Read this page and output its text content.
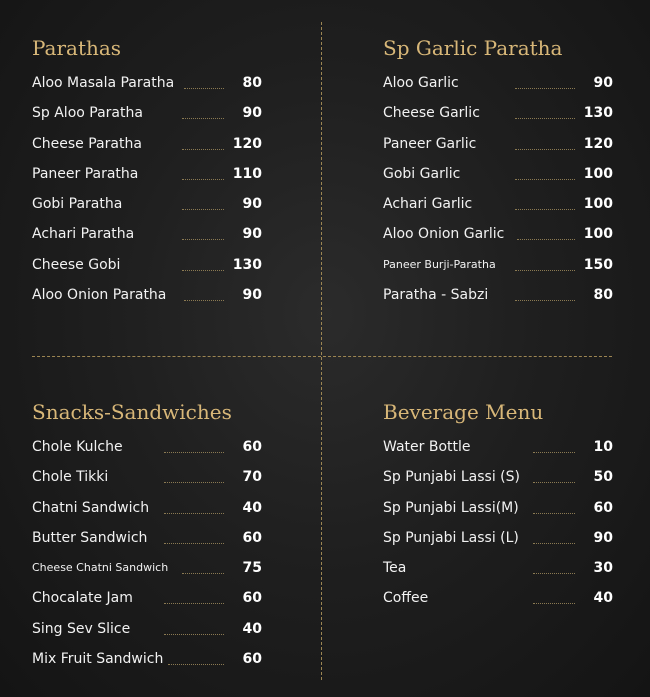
Parathas
Aloo Masala Paratha	80
Sp Aloo Paratha	90
Cheese Paratha	120
Paneer Paratha	110
Gobi Paratha	90
Achari Paratha	90
Cheese Gobi	130
Aloo Onion Paratha	90
Sp Garlic Paratha
Aloo Garlic	90
Cheese Garlic	130
Paneer Garlic	120
Gobi Garlic	100
Achari Garlic	100
Aloo Onion Garlic	100
Paneer Burji-Paratha	150
Paratha - Sabzi	80
Snacks-Sandwiches
Chole Kulche	60
Chole Tikki	70
Chatni Sandwich	40
Butter Sandwich	60
Cheese Chatni Sandwich	75
Chocalate Jam	60
Sing Sev Slice	40
Mix Fruit Sandwich	60
Beverage Menu
Water Bottle	10
Sp Punjabi Lassi (S)	50
Sp Punjabi Lassi(M)	60
Sp Punjabi Lassi (L)	90
Tea	30
Coffee	40
